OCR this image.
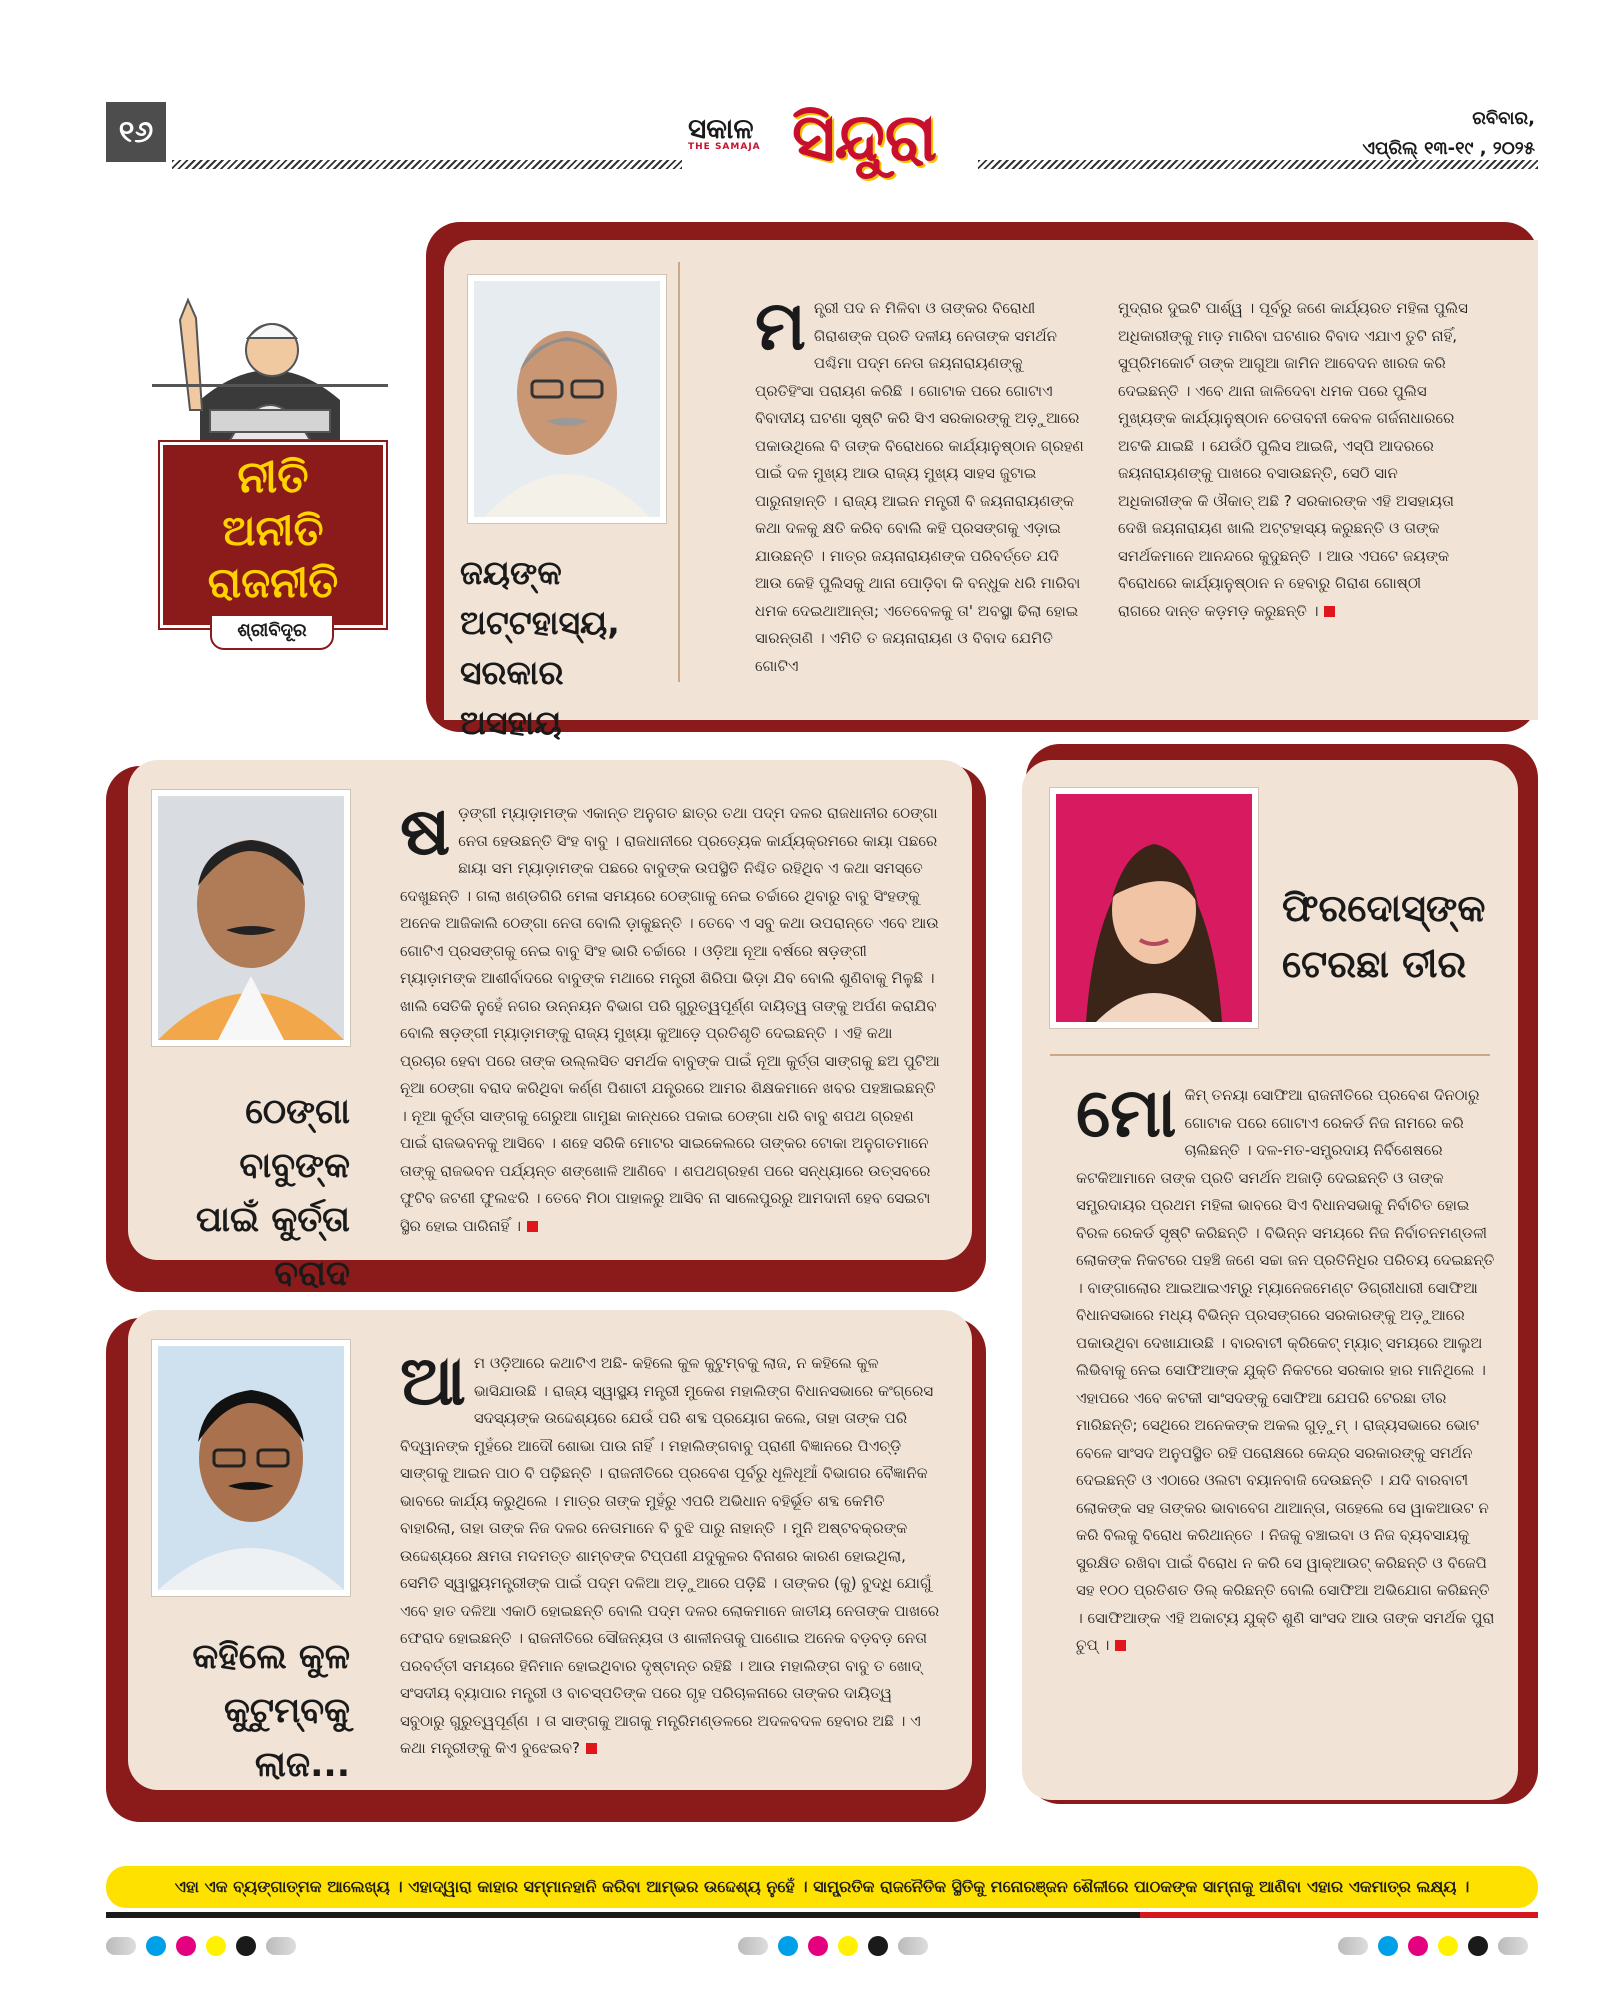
୧୬	ସକାଳ
THE SAMAJA ସିନ୍ଦୁରା	ରବିବାର,
ଏପ୍ରିଲ୍ ୧୩-୧୯ , ୨୦୨୫
ନୀତି
ଅନୀତି
ରାଜନୀତି
ଶ୍ରୀବିଦୂର
ଜୟଙ୍କ ଅଟ୍ଟହାସ୍ୟ,
ସରକାର ଅସହାୟ
ମନ୍ତ୍ରୀ ପଦ ନ ମିଳିବା ଓ ତାଙ୍କର ବିରୋଧୀ ଗିରାଶଙ୍କ ପ୍ରତି ଦଳୀୟ ନେତାଙ୍କ ସମର୍ଥନ ପଶ୍ଚିମା ପଦ୍ମ ନେତା ଜୟନାରାୟଣଙ୍କୁ ପ୍ରତିହିଂସା ପରାୟଣ କରିଛି । ଗୋଟାକ ପରେ ଗୋଟାଏ ବିବାଦୀୟ ଘଟଣା ସୃଷ୍ଟି କରି ସିଏ ସରକାରଙ୍କୁ ଅଡ଼ୁଆରେ ପକାଉଥିଲେ ବି ତାଙ୍କ ବିରୋଧରେ କାର୍ଯ୍ୟାନୁଷ୍ଠାନ ଗ୍ରହଣ ପାଇଁ ଦଳ ମୁଖ୍ୟ ଆଉ ରାଜ୍ୟ ମୁଖ୍ୟ ସାହସ ଜୁଟାଇ ପାରୁନାହାନ୍ତି । ରାଜ୍ୟ ଆଇନ ମନ୍ତ୍ରୀ ବି ଜୟନାରାୟଣଙ୍କ କଥା ଦଳକୁ କ୍ଷତି କରିବ ବୋଲି କହି ପ୍ରସଙ୍ଗକୁ ଏଡ଼ାଇ ଯାଉଛନ୍ତି । ମାତ୍ର ଜୟନାରାୟଣଙ୍କ ପରିବର୍ତ୍ତେ ଯଦି ଆଉ କେହି ପୁଲିସକୁ ଥାନା ପୋଡ଼ିବା କି ବନ୍ଧୁକ ଧରି ମାରିବା ଧମକ ଦେଇଥାଆନ୍ତା; ଏତେବେଳକୁ ତା' ଅବସ୍ଥା ଢିଲା ହୋଇ ସାରନ୍ତାଣି । ଏମିତି ତ ଜୟନାରାୟଣ ଓ ବିବାଦ ଯେମିତି ଗୋଟିଏ
ମୁଦ୍ରାର ଦୁଇଟି ପାର୍ଶ୍ୱ । ପୂର୍ବରୁ ଜଣେ କାର୍ଯ୍ୟରତ ମହିଳା ପୁଲିସ ଅଧିକାରୀଙ୍କୁ ମାଡ଼ ମାରିବା ଘଟଣାର ବିବାଦ ଏଯାଏ ତୁଟି ନାହିଁ, ସୁପ୍ରିମକୋର୍ଟ ତାଙ୍କ ଆଗୁଆ ଜାମିନ ଆବେଦନ ଖାରଜ କରି ଦେଇଛନ୍ତି । ଏବେ ଥାନା ଜାଳିଦେବା ଧମକ ପରେ ପୁଲିସ ମୁଖ୍ୟଙ୍କ କାର୍ଯ୍ୟାନୁଷ୍ଠାନ ଚେତାବନୀ କେବଳ ଗର୍ଜନାଧାରରେ ଅଟକି ଯାଇଛି । ଯେଉଁଠି ପୁଲିସ ଆଇଜି, ଏସ୍‌ପି ଆଦରରେ ଜୟନାରାୟଣଙ୍କୁ ପାଖରେ ବସାଉଛନ୍ତି, ସେଠି ସାନ ଅଧିକାରୀଙ୍କ କି ଔକାତ୍ ଅଛି ? ସରକାରଙ୍କ ଏହି ଅସହାୟତା ଦେଖି ଜୟନାରାୟଣ ଖାଲି ଅଟ୍ଟହାସ୍ୟ କରୁଛନ୍ତି ଓ ତାଙ୍କ ସମର୍ଥକମାନେ ଆନନ୍ଦରେ କୁଦୁଛନ୍ତି । ଆଉ ଏପଟେ ଜୟଙ୍କ ବିରୋଧରେ କାର୍ଯ୍ୟାନୁଷ୍ଠାନ ନ ହେବାରୁ ଗିରାଶ ଗୋଷ୍ଠୀ ରାଗରେ ଦାନ୍ତ କଡ଼ମଡ଼ କରୁଛନ୍ତି ।
ଠେଙ୍ଗା ବାବୁଙ୍କ
ପାଇଁ କୁର୍ତ୍ତା
ବରାଦ
ଷଡ଼ଙ୍ଗୀ ମ୍ୟାଡ଼ାମଙ୍କ ଏକାନ୍ତ ଅନୁଗତ ଛାତ୍ର ତଥା ପଦ୍ମ ଦଳର ରାଜଧାନୀର ଠେଙ୍ଗା ନେତା ହେଉଛନ୍ତି ସିଂହ ବାବୁ । ରାଜଧାନୀରେ ପ୍ରତ୍ୟେକ କାର୍ଯ୍ୟକ୍ରମରେ କାୟା ପଛରେ ଛାୟା ସମ ମ୍ୟାଡ଼ାମଙ୍କ ପଛରେ ବାବୁଙ୍କ ଉପସ୍ଥିତି ନିଶ୍ଚିତ ରହିଥିବ ଏ କଥା ସମସ୍ତେ ଦେଖୁଛନ୍ତି । ଗଲା ଖଣ୍ଡଗିରି ମେଳା ସମୟରେ ଠେଙ୍ଗାକୁ ନେଇ ଚର୍ଚ୍ଚାରେ ଥିବାରୁ ବାବୁ ସିଂହଙ୍କୁ ଅନେକ ଆଜିକାଲି ଠେଙ୍ଗା ନେତା ବୋଲି ଡ଼ାକୁଛନ୍ତି । ତେବେ ଏ ସବୁ କଥା ଉପରାନ୍ତେ ଏବେ ଆଉ ଗୋଟିଏ ପ୍ରସଙ୍ଗକୁ ନେଇ ବାବୁ ସିଂହ ଭାରି ଚର୍ଚ୍ଚାରେ । ଓଡ଼ିଆ ନୂଆ ବର୍ଷରେ ଷଡ଼ଙ୍ଗୀ ମ୍ୟାଡ଼ାମଙ୍କ ଆଶୀର୍ବାଦରେ ବାବୁଙ୍କ ମଥାରେ ମନ୍ତ୍ରୀ ଶିରିପା ଭିଡ଼ା ଯିବ ବୋଲି ଶୁଣିବାକୁ ମିଳୁଛି । ଖାଲି ସେତିକି ନୁହେଁ ନଗର ଉନ୍ନୟନ ବିଭାଗ ପରି ଗୁରୁତ୍ୱପୂର୍ଣ୍ଣ ଦାୟିତ୍ୱ ତାଙ୍କୁ ଅର୍ପଣ କରାଯିବ ବୋଲି ଷଡ଼ଙ୍ଗୀ ମ୍ୟାଡ଼ାମଙ୍କୁ ରାଜ୍ୟ ମୁଖ୍ୟା କୁଆଡ଼େ ପ୍ରତିଶୃତି ଦେଇଛନ୍ତି । ଏହି କଥା ପ୍ରଚାର ହେବା ପରେ ତାଙ୍କ ଉଲ୍ଲସିତ ସମର୍ଥକ ବାବୁଙ୍କ ପାଇଁ ନୂଆ କୁର୍ତ୍ତା ସାଙ୍ଗକୁ ଛଅ ପୁଟିଆ ନୂଆ ଠେଙ୍ଗା ବରାଦ କରିଥିବା କର୍ଣ୍ଣ ପିଶାଚୀ ଯନ୍ତ୍ରରେ ଆମର ଶିକ୍ଷକମାନେ ଖବର ପହଞ୍ଚାଇଛନ୍ତି । ନୂଆ କୁର୍ତ୍ତା ସାଙ୍ଗକୁ ଗେରୁଆ ଗାମୁଛା କାନ୍ଧରେ ପକାଇ ଠେଙ୍ଗା ଧରି ବାବୁ ଶପଥ ଗ୍ରହଣ ପାଇଁ ରାଜଭବନକୁ ଆସିବେ । ଶହେ ସରିକି ମୋଟର ସାଇକେଲରେ ତାଙ୍କର ଟୋକା ଅନୁଗତମାନେ ତାଙ୍କୁ ରାଜଭବନ ପର୍ଯ୍ୟନ୍ତ ଶଙ୍ଖୋଳି ଆଣିବେ । ଶପଥଗ୍ରହଣ ପରେ ସନ୍ଧ୍ୟାରେ ଉତ୍ସବରେ ଫୁଟିବ ଜଟଣୀ ଫୁଲଝରି । ତେବେ ମିଠା ପାହାଳରୁ ଆସିବ ନା ସାଲେପୁରରୁ ଆମଦାନୀ ହେବ ସେଇଟା ସ୍ଥିର ହୋଇ ପାରିନାହିଁ ।
କହିଲେ କୁଳ
କୁଟୁମ୍ବକୁ
ଲାଜ...
ଆମ ଓଡ଼ିଆରେ କଥାଟିଏ ଅଛି- କହିଲେ କୁଳ କୁଟୁମ୍ବକୁ ଲାଜ, ନ କହିଲେ କୁଳ ଭାସିଯାଉଛି । ରାଜ୍ୟ ସ୍ୱାସ୍ଥ୍ୟ ମନ୍ତ୍ରୀ ମୁକେଶ ମହାଲିଙ୍ଗ ବିଧାନସଭାରେ କଂଗ୍ରେସ ସଦସ୍ୟଙ୍କ ଉଦ୍ଦେଶ୍ୟରେ ଯେଉଁ ପରି ଶବ୍ଦ ପ୍ରୟୋଗ କଲେ, ତାହା ତାଙ୍କ ପରି ବିଦ୍ୱାନଙ୍କ ମୁହଁରେ ଆଦୌ ଶୋଭା ପାଉ ନାହିଁ । ମହାଲିଙ୍ଗବାବୁ ପ୍ରାଣୀ ବିଜ୍ଞାନରେ ପିଏଚ୍‌ଡ଼ି ସାଙ୍ଗକୁ ଆଇନ ପାଠ ବି ପଢ଼ିଛନ୍ତି । ରାଜନୀତିରେ ପ୍ରବେଶ ପୂର୍ବରୁ ଧୂଳିଧୂଆଁ ବିଭାଗର ବୈଜ୍ଞାନିକ ଭାବରେ କାର୍ଯ୍ୟ କରୁଥିଲେ । ମାତ୍ର ତାଙ୍କ ମୁହଁରୁ ଏପରି ଅଭିଧାନ ବହିର୍ଭୂତ ଶବ୍ଦ କେମିତି ବାହାରିଲା, ତାହା ତାଙ୍କ ନିଜ ଦଳର ନେତାମାନେ ବି ବୁଝି ପାରୁ ନାହାନ୍ତି । ମୁନି ଅଷ୍ଟବକ୍ରଙ୍କ ଉଦ୍ଦେଶ୍ୟରେ କ୍ଷମତା ମଦମତ୍ତ ଶାମ୍ବଙ୍କ ଟିପ୍ପଣୀ ଯଦୁକୁଳର ବିନାଶର କାରଣ ହୋଇଥିଲା, ସେମିତି ସ୍ୱାସ୍ଥ୍ୟମନ୍ତ୍ରୀଙ୍କ ପାଇଁ ପଦ୍ମ ଦଳିଆ ଅଡ଼ୁଆରେ ପଡ଼ିଛି । ତାଙ୍କର (କୁ) ବୁଦ୍ଧି ଯୋଗୁଁ ଏବେ ହାତ ଦଳିଆ ଏକାଠି ହୋଇଛନ୍ତି ବୋଲି ପଦ୍ମ ଦଳର ଲୋକମାନେ ଜାତୀୟ ନେତାଙ୍କ ପାଖରେ ଫେରାଦ ହୋଇଛନ୍ତି । ରାଜନୀତିରେ ସୌଜନ୍ୟତା ଓ ଶାଳୀନତାକୁ ପାଣୋଇ ଅନେକ ବଡ଼ବଡ଼ ନେତା ପରବର୍ତ୍ତୀ ସମୟରେ ହିନିମାନ ହୋଇଥିବାର ଦୃଷ୍ଟାନ୍ତ ରହିଛି । ଆଉ ମହାଲିଙ୍ଗ ବାବୁ ତ ଖୋଦ୍ ସଂସଦୀୟ ବ୍ୟାପାର ମନ୍ତ୍ରୀ ଓ ବାଚସ୍ପତିଙ୍କ ପରେ ଗୃହ ପରିଚାଳନାରେ ତାଙ୍କର ଦାୟିତ୍ୱ ସବୁଠାରୁ ଗୁରୁତ୍ୱପୂର୍ଣ୍ଣ । ତା ସାଙ୍ଗକୁ ଆଗକୁ ମନ୍ତ୍ରିମଣ୍ଡଳରେ ଅଦଳବଦଳ ହେବାର ଅଛି । ଏ କଥା ମନ୍ତ୍ରୀଙ୍କୁ କିଏ ବୁଝେଇବ?
ଫିରଦୋସ୍‌ଙ୍କ
ଟେରଛା ତୀର
ମୋକିମ୍ ତନୟା ସୋଫିଆ ରାଜନୀତିରେ ପ୍ରବେଶ ଦିନଠାରୁ ଗୋଟାକ ପରେ ଗୋଟାଏ ରେକର୍ଡ ନିଜ ନାମରେ କରି ଚାଲିଛନ୍ତି । ଦଳ-ମତ-ସମ୍ପ୍ରଦାୟ ନିର୍ବିଶେଷରେ କଟକିଆମାନେ ତାଙ୍କ ପ୍ରତି ସମର୍ଥନ ଅଜାଡ଼ି ଦେଇଛନ୍ତି ଓ ତାଙ୍କ ସମ୍ପ୍ରଦାୟର ପ୍ରଥମ ମହିଳା ଭାବରେ ସିଏ ବିଧାନସଭାକୁ ନିର୍ବାଚିତ ହୋଇ ବିରଳ ରେକର୍ଡ ସୃଷ୍ଟି କରିଛନ୍ତି । ବିଭିନ୍ନ ସମୟରେ ନିଜ ନିର୍ବାଚନମଣ୍ଡଳୀ ଲୋକଙ୍କ ନିକଟରେ ପହଞ୍ଚି ଜଣେ ସଚ୍ଚା ଜନ ପ୍ରତିନିଧିର ପରିଚୟ ଦେଇଛନ୍ତି । ବାଙ୍ଗାଲୋର ଆଇଆଇଏମ୍‌ରୁ ମ୍ୟାନେଜମେଣ୍ଟ ଡିଗ୍ରୀଧାରୀ ସୋଫିଆ ବିଧାନସଭାରେ ମଧ୍ୟ ବିଭିନ୍ନ ପ୍ରସଙ୍ଗରେ ସରକାରଙ୍କୁ ଅଡ଼ୁଆରେ ପକାଉଥିବା ଦେଖାଯାଉଛି । ବାରବାଟୀ କ୍ରିକେଟ୍ ମ୍ୟାଚ୍ ସମୟରେ ଆଲୁଅ ଲିଭିବାକୁ ନେଇ ସୋଫିଆଙ୍କ ଯୁକ୍ତି ନିକଟରେ ସରକାର ହାର ମାନିଥିଲେ । ଏହାପରେ ଏବେ କଟକୀ ସାଂସଦଙ୍କୁ ସୋଫିଆ ଯେପରି ଟେରଛା ତୀର ମାରିଛନ୍ତି; ସେଥିରେ ଅନେକଙ୍କ ଅକଲ ଗୁଡ଼ୁମ୍ । ରାଜ୍ୟସଭାରେ ଭୋଟ ବେଳେ ସାଂସଦ ଅନୁପସ୍ଥିତ ରହି ପରୋକ୍ଷରେ କେନ୍ଦ୍ର ସରକାରଙ୍କୁ ସମର୍ଥନ ଦେଇଛନ୍ତି ଓ ଏଠାରେ ଓଲଟା ବୟାନବାଜି ଦେଉଛନ୍ତି । ଯଦି ବାରବାଟୀ ଲୋକଙ୍କ ସହ ତାଙ୍କର ଭାବାବେଗ ଥାଆନ୍ତା, ତାହେଲେ ସେ ୱାକଆଉଟ ନ କରି ବିଲକୁ ବିରୋଧ କରିଥାନ୍ତେ । ନିଜକୁ ବଞ୍ଚାଇବା ଓ ନିଜ ବ୍ୟବସାୟକୁ ସୁରକ୍ଷିତ ରଖିବା ପାଇଁ ବିରୋଧ ନ କରି ସେ ୱାକ୍‌ଆଉଟ୍ କରିଛନ୍ତି ଓ ବିଜେପି ସହ ୧୦୦ ପ୍ରତିଶତ ଡିଲ୍ କରିଛନ୍ତି ବୋଲି ସୋଫିଆ ଅଭିଯୋଗ କରିଛନ୍ତି । ସୋଫିଆଙ୍କ ଏହି ଅକାଟ୍ୟ ଯୁକ୍ତି ଶୁଣି ସାଂସଦ ଆଉ ତାଙ୍କ ସମର୍ଥକ ପୁରା ଚୁପ୍ ।
ଏହା ଏକ ବ୍ୟଙ୍ଗାତ୍ମକ ଆଲେଖ୍ୟ । ଏହାଦ୍ୱାରା କାହାର ସମ୍ମାନହାନି କରିବା ଆମ୍ଭର ଉଦ୍ଦେଶ୍ୟ ନୁହେଁ । ସାମ୍ପ୍ରତିକ ରାଜନୈତିକ ସ୍ଥିତିକୁ ମନୋରଞ୍ଜନ ଶୈଳୀରେ ପାଠକଙ୍କ ସାମ୍ନାକୁ ଆଣିବା ଏହାର ଏକମାତ୍ର ଲକ୍ଷ୍ୟ ।
